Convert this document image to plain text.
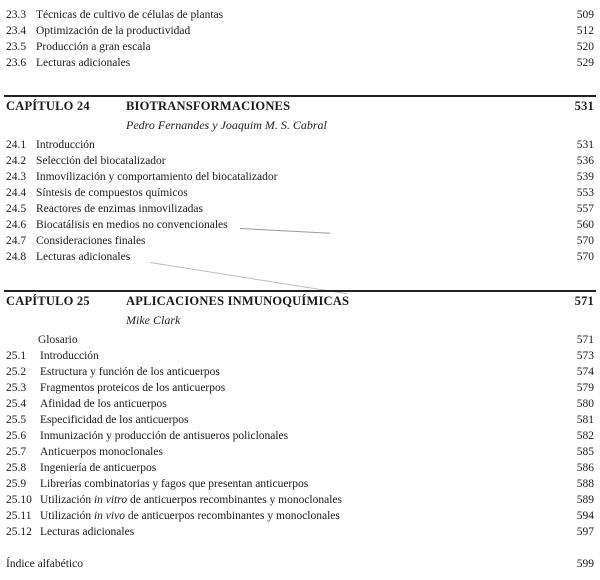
23.3 Técnicas de cultivo de células de plantas	509
23.4 Optimización de la productividad	512
23.5 Producción a gran escala	520
23.6 Lecturas adicionales	529
CAPÍTULO 24	BIOTRANSFORMACIONES	531
Pedro Fernandes y Joaquim M. S. Cabral
24.1 Introducción	531
24.2 Selección del biocatalizador	536
24.3 Inmovilización y comportamiento del biocatalizador	539
24.4 Síntesis de compuestos químicos	553
24.5 Reactores de enzimas inmovilizadas	557
24.6 Biocatálisis en medios no convencionales	560
24.7 Consideraciones finales	570
24.8 Lecturas adicionales	570
CAPÍTULO 25	APLICACIONES INMUNOQUÍMICAS	571
Mike Clark
Glosario	571
25.1 Introducción	573
25.2 Estructura y función de los anticuerpos	574
25.3 Fragmentos proteicos de los anticuerpos	579
25.4 Afinidad de los anticuerpos	580
25.5 Especificidad de los anticuerpos	581
25.6 Inmunización y producción de antisueros policlonales	582
25.7 Anticuerpos monoclonales	585
25.8 Ingeniería de anticuerpos	586
25.9 Librerías combinatorias y fagos que presentan anticuerpos	588
25.10 Utilización in vitro de anticuerpos recombinantes y monoclonales	589
25.11 Utilización in vivo de anticuerpos recombinantes y monoclonales	594
25.12 Lecturas adicionales	597
Índice alfabético	599
